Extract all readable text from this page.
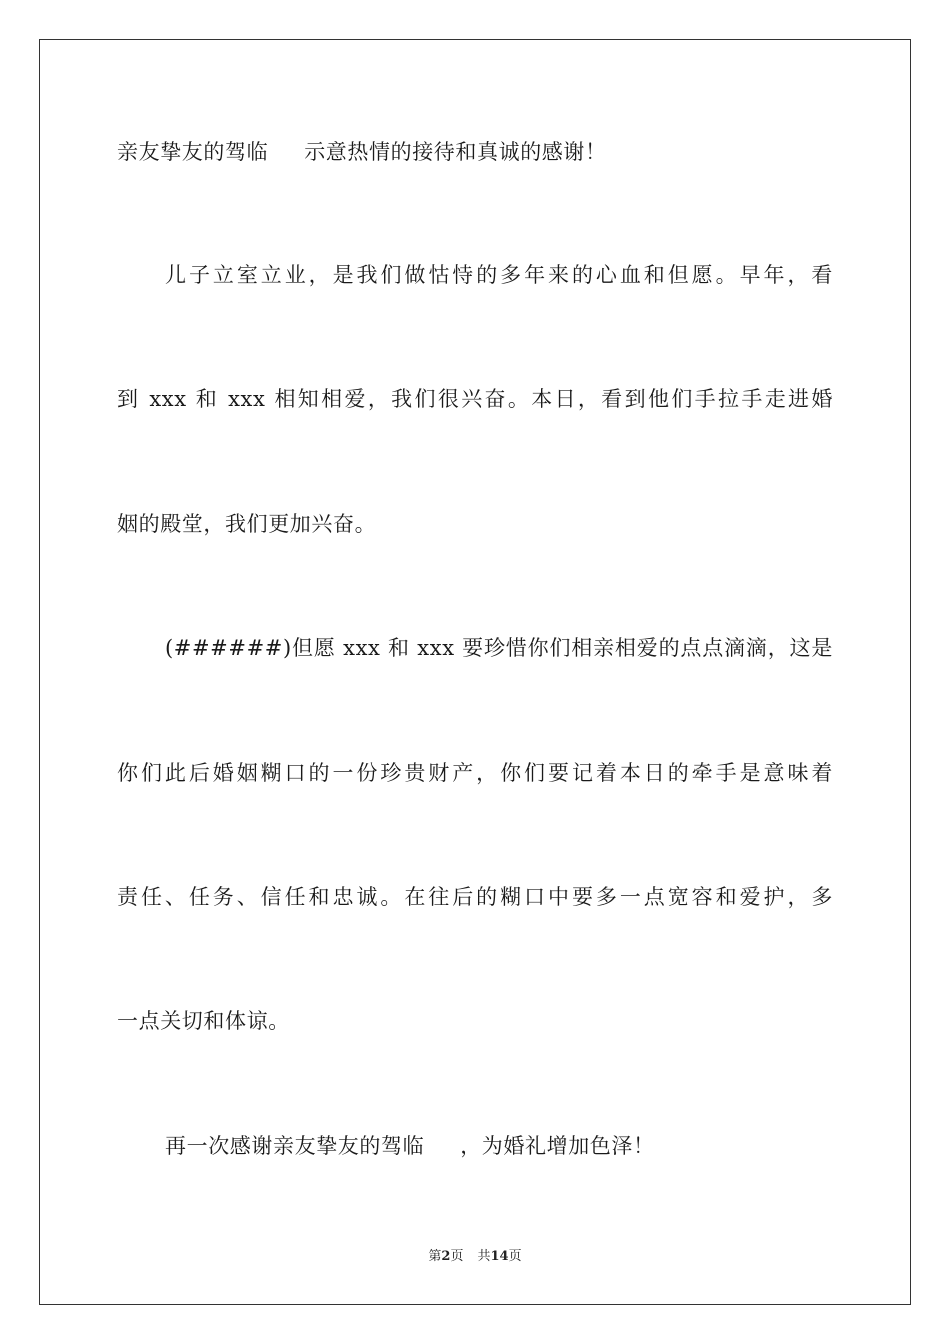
亲友挚友的驾临 示意热情的接待和真诚的感谢！
儿子立室立业，是我们做怙恃的多年来的心血和但愿。早年，看
到 xxx 和 xxx 相知相爱，我们很兴奋。本日，看到他们手拉手走进婚
姻的殿堂，我们更加兴奋。
(######)但愿 xxx 和 xxx 要珍惜你们相亲相爱的点点滴滴，这是
你们此后婚姻糊口的一份珍贵财产，你们要记着本日的牵手是意味着
责任、任务、信任和忠诚。在往后的糊口中要多一点宽容和爱护，多
一点关切和体谅。
再一次感谢亲友挚友的驾临 ，为婚礼增加色泽！
第2页 共14页
